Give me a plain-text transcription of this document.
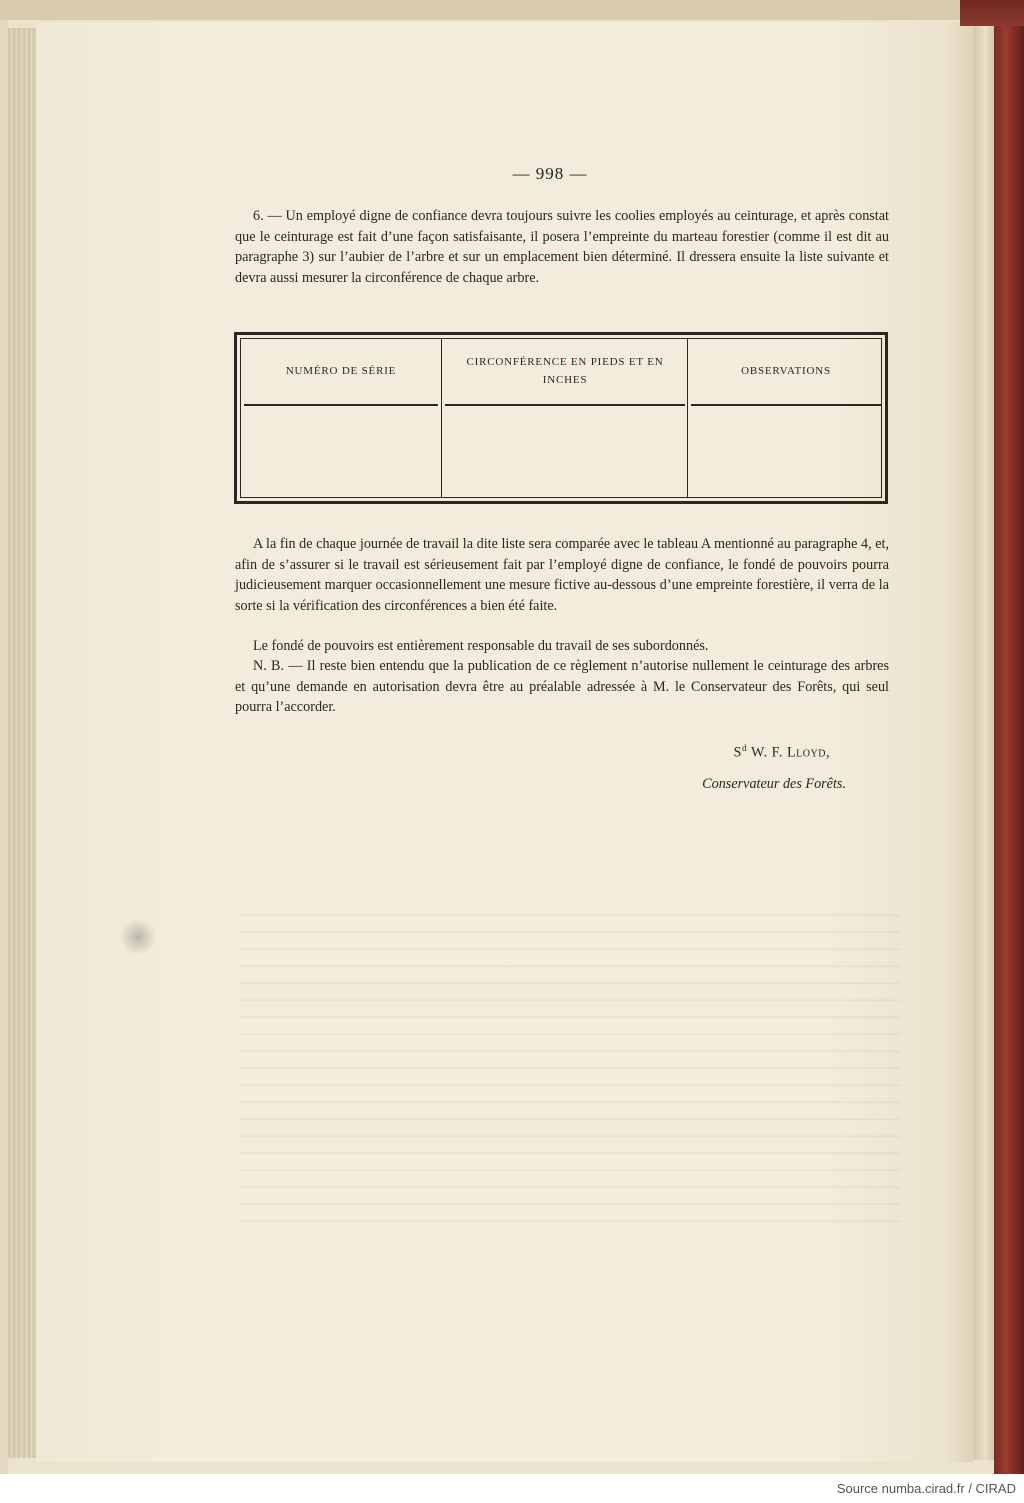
— 998 —

6. — Un employé digne de confiance devra toujours suivre les coolies employés au ceinturage, et après constat que le ceinturage est fait d’une façon satisfaisante, il posera l’empreinte du marteau forestier (comme il est dit au paragraphe 3) sur l’aubier de l’arbre et sur un emplacement bien déterminé. Il dressera ensuite la liste suivante et devra aussi mesurer la circonférence de chaque arbre.

NUMÉRO DE SÉRIE
CIRCONFÉRENCE EN PIEDS ET EN INCHES
OBSERVATIONS

A la fin de chaque journée de travail la dite liste sera comparée avec le tableau A mentionné au paragraphe 4, et, afin de s’assurer si le travail est sérieusement fait par l’employé digne de confiance, le fondé de pouvoirs pourra judicieusement marquer occasionnellement une mesure fictive au-dessous d’une empreinte forestière, il verra de la sorte si la vérification des circonférences a bien été faite.

Le fondé de pouvoirs est entièrement responsable du travail de ses subordonnés.

N. B. — Il reste bien entendu que la publication de ce règlement n’autorise nullement le ceinturage des arbres et qu’une demande en autorisation devra être au préalable adressée à M. le Conservateur des Forêts, qui seul pourra l’accorder.

$S^d$ W. F. Lloyd,
Conservateur des Forêts.
Source numba.cirad.fr / CIRAD
